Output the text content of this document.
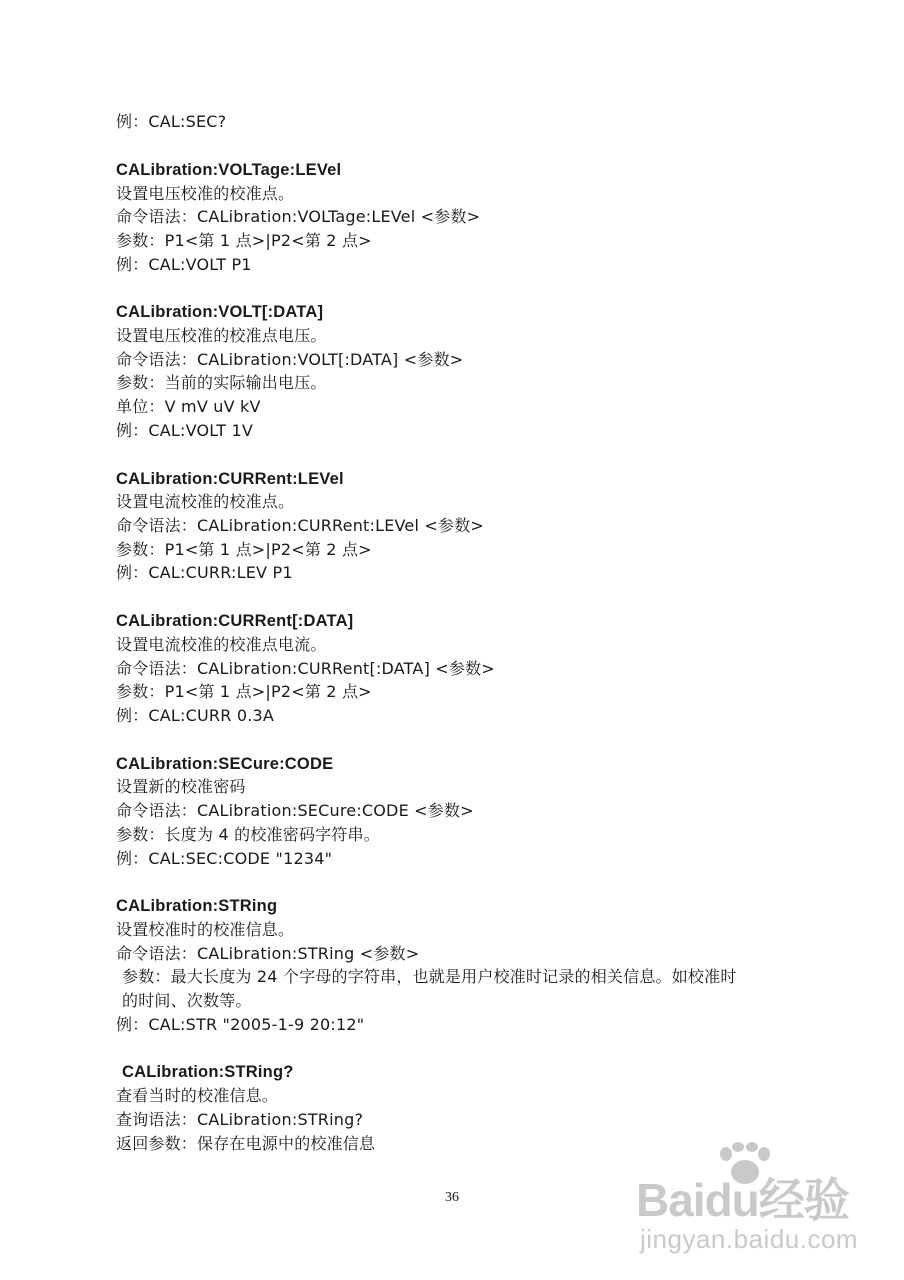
例：CAL:SEC?
CALibration:VOLTage:LEVel
设置电压校准的校准点。
命令语法：CALibration:VOLTage:LEVel <参数>
参数：P1<第 1 点>|P2<第 2 点>
例：CAL:VOLT P1
CALibration:VOLT[:DATA]
设置电压校准的校准点电压。
命令语法：CALibration:VOLT[:DATA] <参数>
参数：当前的实际输出电压。
单位：V mV uV kV
例：CAL:VOLT 1V
CALibration:CURRent:LEVel
设置电流校准的校准点。
命令语法：CALibration:CURRent:LEVel <参数>
参数：P1<第 1 点>|P2<第 2 点>
例：CAL:CURR:LEV P1
CALibration:CURRent[:DATA]
设置电流校准的校准点电流。
命令语法：CALibration:CURRent[:DATA] <参数>
参数：P1<第 1 点>|P2<第 2 点>
例：CAL:CURR 0.3A
CALibration:SECure:CODE
设置新的校准密码
命令语法：CALibration:SECure:CODE <参数>
参数：长度为 4 的校准密码字符串。
例：CAL:SEC:CODE "1234"
CALibration:STRing
设置校准时的校准信息。
命令语法：CALibration:STRing <参数>
参数：最大长度为 24 个字母的字符串，也就是用户校准时记录的相关信息。如校准时
的时间、次数等。
例：CAL:STR "2005-1-9 20:12"
CALibration:STRing?
查看当时的校准信息。
查询语法：CALibration:STRing?
返回参数：保存在电源中的校准信息
36	Baidu经验
jingyan.baidu.com
